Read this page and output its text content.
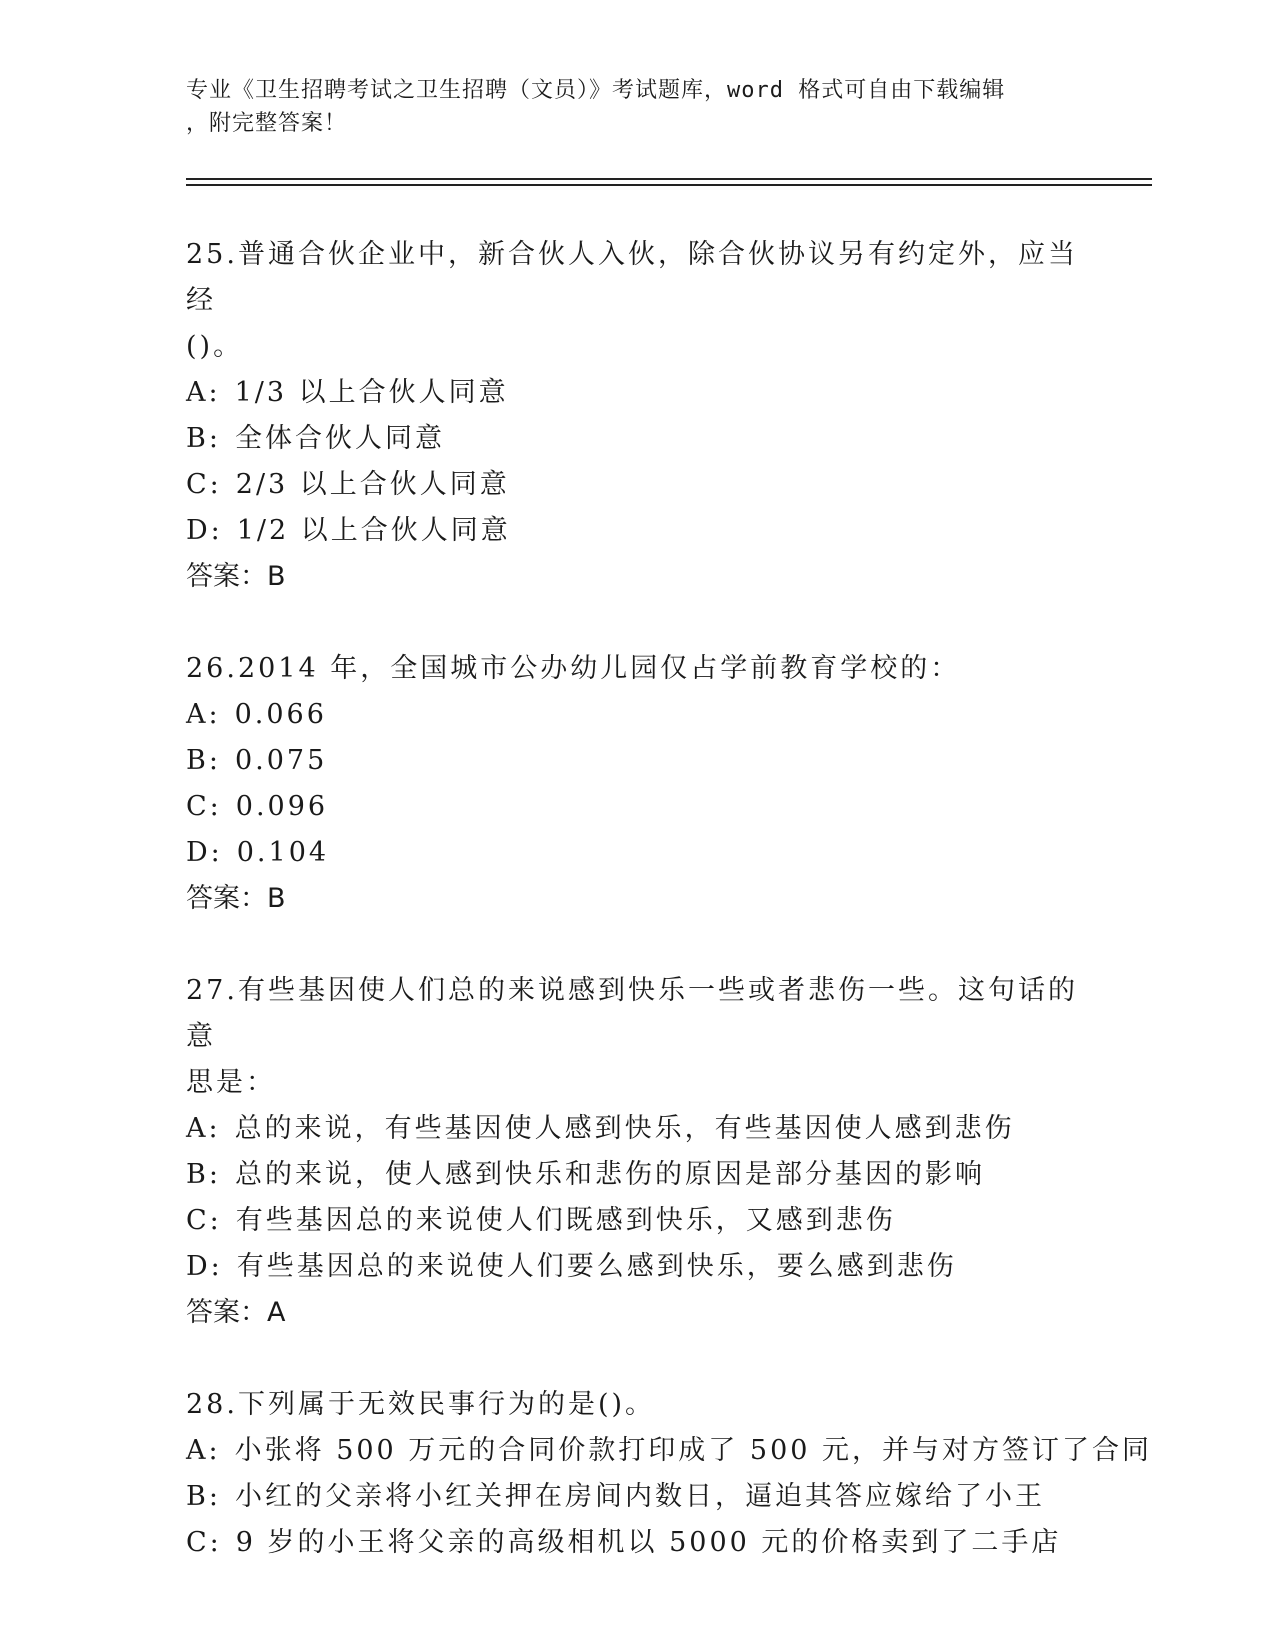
专业《卫生招聘考试之卫生招聘（文员）》考试题库，word 格式可自由下载编辑
，附完整答案！

25.普通合伙企业中，新合伙人入伙，除合伙协议另有约定外，应当经
()。

A: 1/3 以上合伙人同意

B: 全体合伙人同意

C: 2/3 以上合伙人同意

D: 1/2 以上合伙人同意

答案：B

26.2014 年，全国城市公办幼儿园仅占学前教育学校的：

A: 0.066

B: 0.075

C: 0.096

D: 0.104

答案：B

27.有些基因使人们总的来说感到快乐一些或者悲伤一些。这句话的意
思是：

A: 总的来说，有些基因使人感到快乐，有些基因使人感到悲伤

B: 总的来说，使人感到快乐和悲伤的原因是部分基因的影响

C: 有些基因总的来说使人们既感到快乐，又感到悲伤

D: 有些基因总的来说使人们要么感到快乐，要么感到悲伤

答案：A

28.下列属于无效民事行为的是()。

A: 小张将 500 万元的合同价款打印成了 500 元，并与对方签订了合同

B: 小红的父亲将小红关押在房间内数日，逼迫其答应嫁给了小王

C: 9 岁的小王将父亲的高级相机以 5000 元的价格卖到了二手店
